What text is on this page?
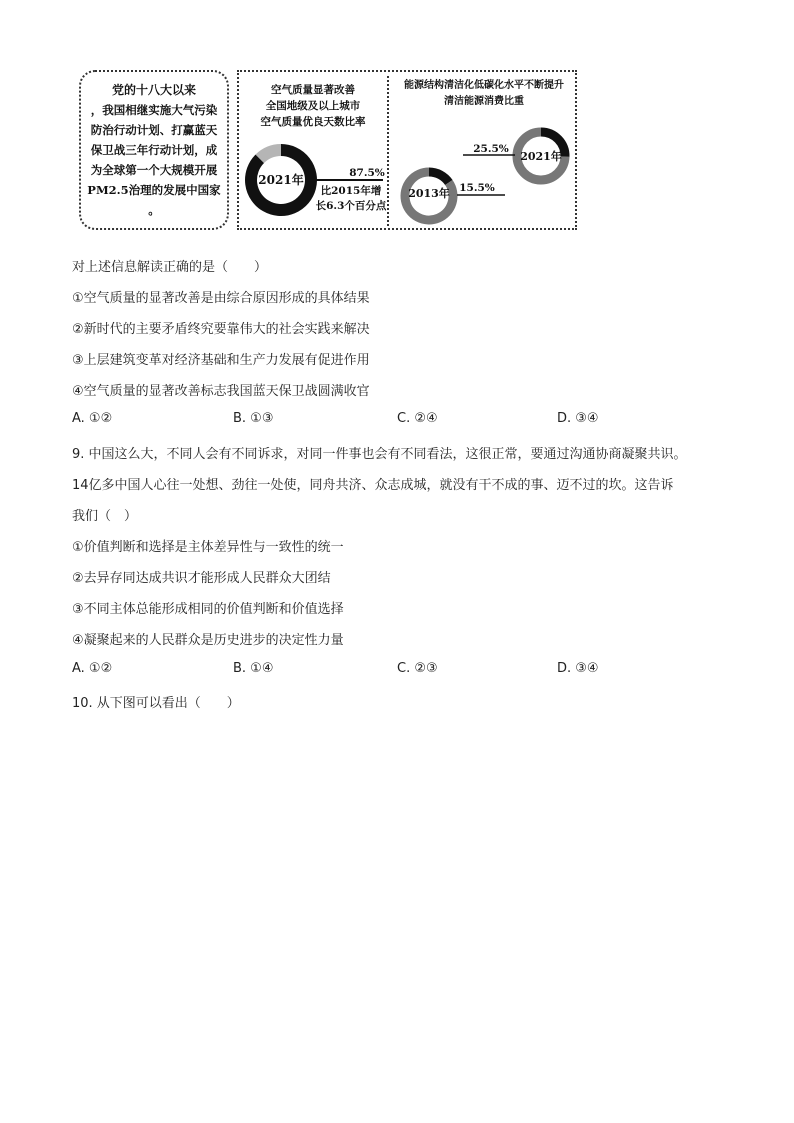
党的十八大以来
，我国相继实施大气污染
防治行动计划、打赢蓝天
保卫战三年行动计划，成
为全球第一个大规模开展
PM2.5治理的发展中国家
。
空气质量显著改善
全国地级及以上城市
空气质量优良天数比率
2021年	87.5%
比2015年增
长6.3个百分点
2021年
25.5%
2013年 15.5%
能源结构清洁化低碳化水平不断提升
清洁能源消费比重
对上述信息解读正确的是（　　）
①空气质量的显著改善是由综合原因形成的具体结果
②新时代的主要矛盾终究要靠伟大的社会实践来解决
③上层建筑变革对经济基础和生产力发展有促进作用
④空气质量的显著改善标志我国蓝天保卫战圆满收官
A. ①②	B. ①③	C. ②④	D. ③④
9. 中国这么大，不同人会有不同诉求，对同一件事也会有不同看法，这很正常，要通过沟通协商凝聚共识。
14亿多中国人心往一处想、劲往一处使，同舟共济、众志成城，就没有干不成的事、迈不过的坎。这告诉
我们（　）
①价值判断和选择是主体差异性与一致性的统一
②去异存同达成共识才能形成人民群众大团结
③不同主体总能形成相同的价值判断和价值选择
④凝聚起来的人民群众是历史进步的决定性力量
A. ①②	B. ①④	C. ②③	D. ③④
10. 从下图可以看出（　　）
